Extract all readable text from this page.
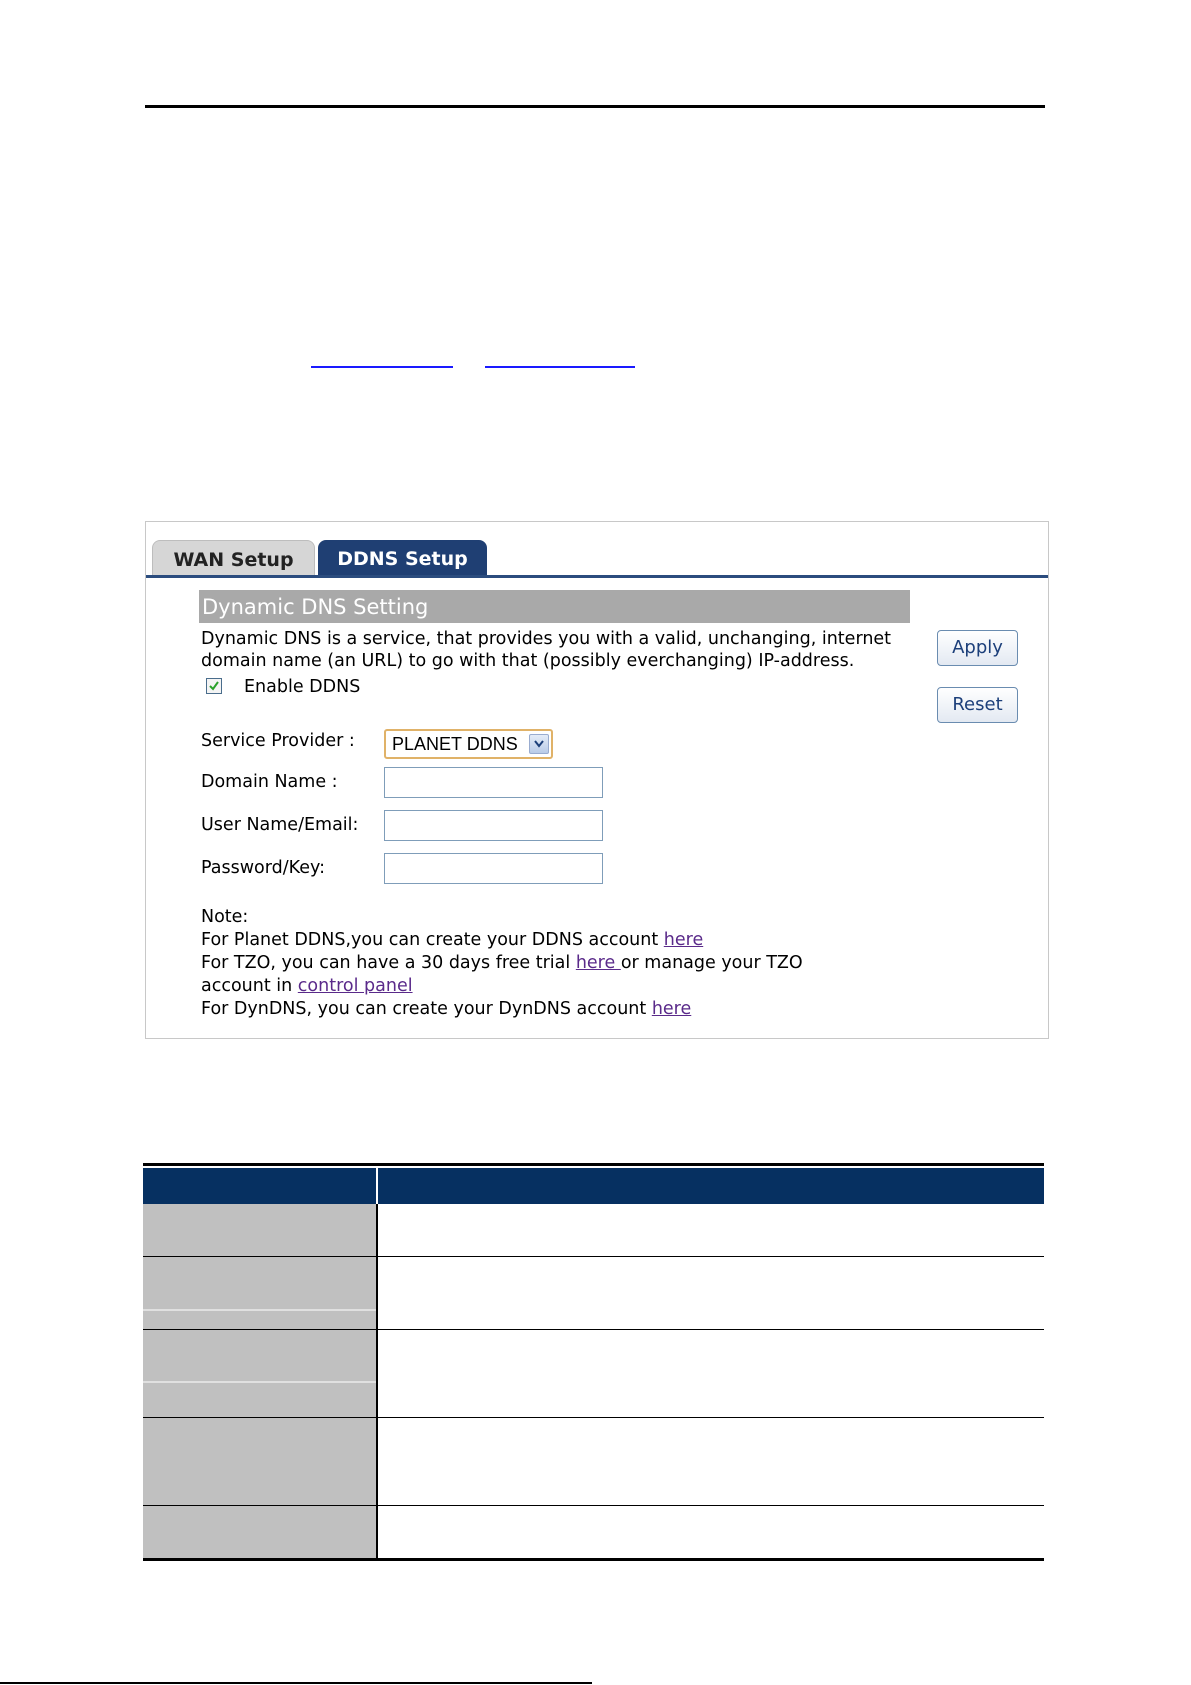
WAN Setup	DDNS Setup
Dynamic DNS Setting
Dynamic DNS is a service, that provides you with a valid, unchanging, internet
domain name (an URL) to go with that (possibly everchanging) IP-address.
Enable DDNS
Apply
Reset
Service Provider :	PLANET DDNS
Domain Name :
User Name/Email:
Password/Key:
Note:
For Planet DDNS,you can create your DDNS account here
For TZO, you can have a 30 days free trial here or manage your TZO
account in control panel
For DynDNS, you can create your DynDNS account here
